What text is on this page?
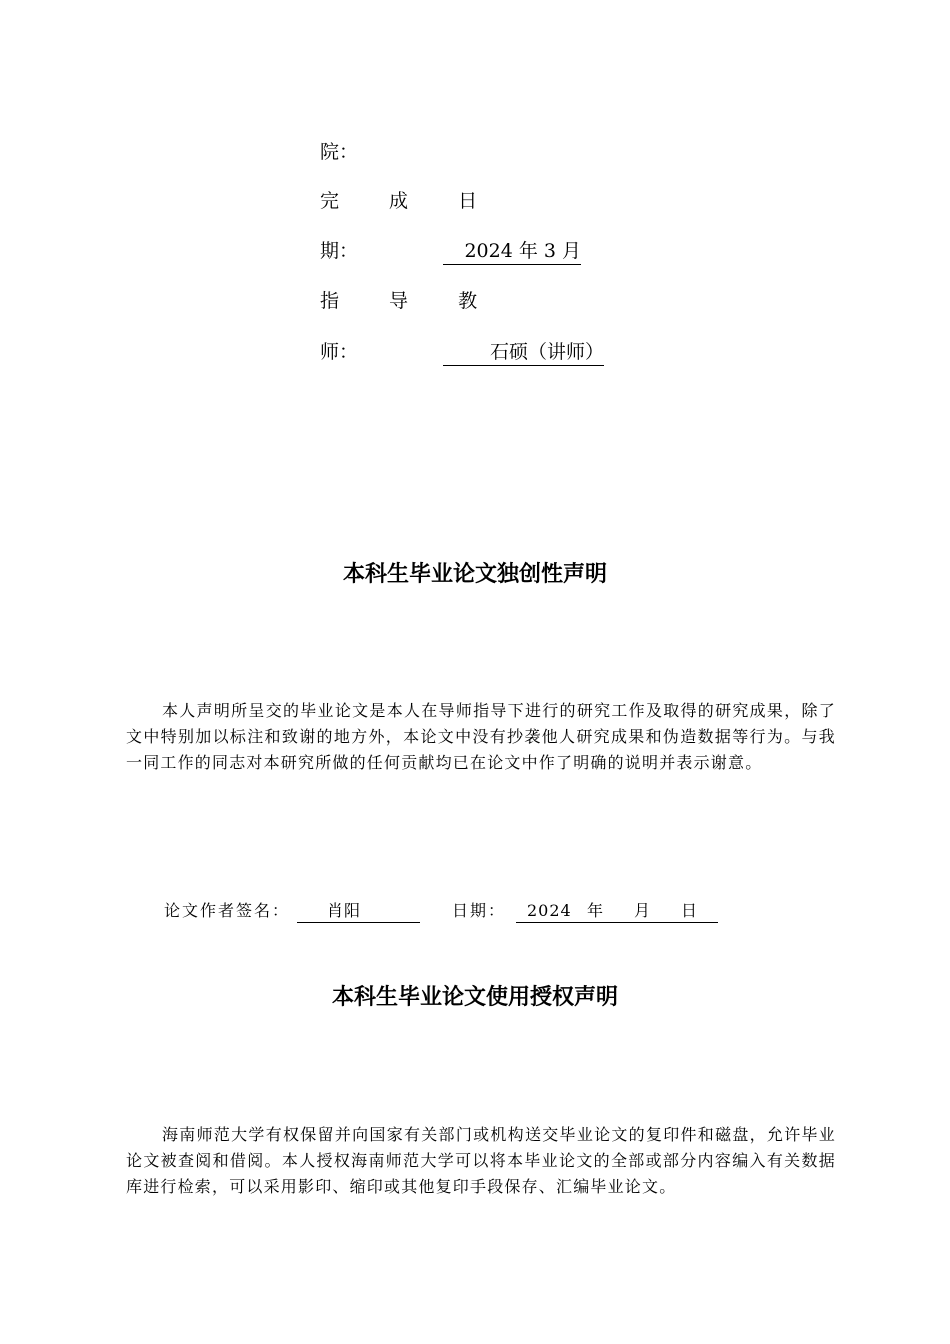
院：
完 成 日
期：	2024 年 3 月
指 导 教
师：	石硕（讲师）
本科生毕业论文独创性声明
本人声明所呈交的毕业论文是本人在导师指导下进行的研究工作及取得的研究成果，除了文中特别加以标注和致谢的地方外，本论文中没有抄袭他人研究成果和伪造数据等行为。与我一同工作的同志对本研究所做的任何贡献均已在论文中作了明确的说明并表示谢意。
论文作者签名：	肖阳	日期： 2024 年 月 日
本科生毕业论文使用授权声明
海南师范大学有权保留并向国家有关部门或机构送交毕业论文的复印件和磁盘，允许毕业论文被查阅和借阅。本人授权海南师范大学可以将本毕业论文的全部或部分内容编入有关数据库进行检索，可以采用影印、缩印或其他复印手段保存、汇编毕业论文。
